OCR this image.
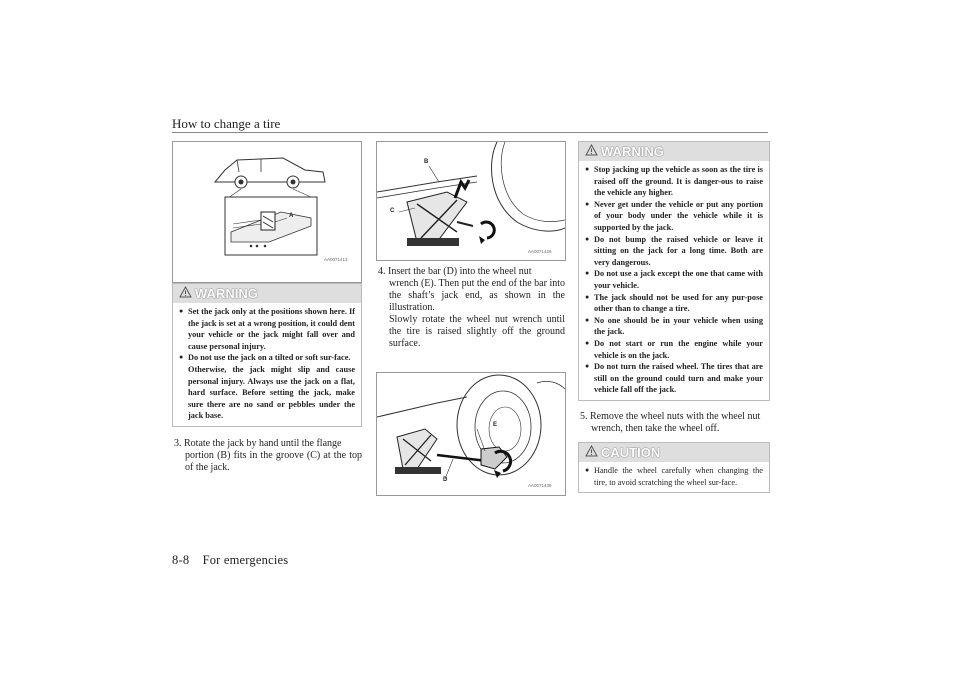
How to change a tire
A
AA0071413
WARNING
● Set the jack only at the positions shown here. If the jack is set at a wrong position, it could dent your vehicle or the jack might fall over and cause personal injury.
● Do not use the jack on a tilted or soft sur-face.
Otherwise, the jack might slip and cause personal injury. Always use the jack on a flat, hard surface. Before setting the jack, make sure there are no sand or pebbles under the jack base.
3. Rotate the jack by hand until the flange
portion (B) fits in the groove (C) at the top of the jack.
B
C
AA0071426
4. Insert the bar (D) into the wheel nut
wrench (E). Then put the end of the bar into the shaft’s jack end, as shown in the illustration.
Slowly rotate the wheel nut wrench until the tire is raised slightly off the ground surface.
E
D
AA0071439
WARNING
● Stop jacking up the vehicle as soon as the tire is raised off the ground. It is danger-ous to raise the vehicle any higher.
● Never get under the vehicle or put any portion of your body under the vehicle while it is supported by the jack.
● Do not bump the raised vehicle or leave it sitting on the jack for a long time. Both are very dangerous.
● Do not use a jack except the one that came with your vehicle.
● The jack should not be used for any pur-pose other than to change a tire.
● No one should be in your vehicle when using the jack.
● Do not start or run the engine while your vehicle is on the jack.
● Do not turn the raised wheel. The tires that are still on the ground could turn and make your vehicle fall off the jack.
5. Remove the wheel nuts with the wheel nut
wrench, then take the wheel off.
CAUTION
● Handle the wheel carefully when changing the tire, to avoid scratching the wheel sur-face.
8-8 For emergencies
